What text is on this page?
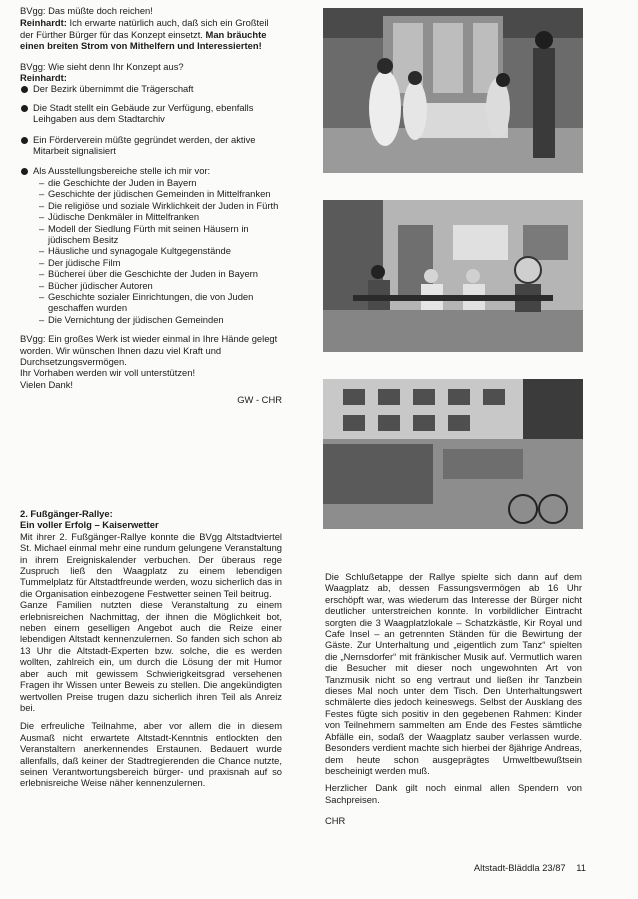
BVgg: Das müßte doch reichen!

Reinhardt: Ich erwarte natürlich auch, daß sich ein Großteil der Fürther Bürger für das Konzept einsetzt. Man bräuchte einen breiten Strom von Mithelfern und Interessierten!

BVgg: Wie sieht denn Ihr Konzept aus?

Reinhardt:

Der Bezirk übernimmt die Trägerschaft
Die Stadt stellt ein Gebäude zur Verfügung, ebenfalls Leihgaben aus dem Stadtarchiv
Ein Förderverein müßte gegründet werden, der aktive Mitarbeit signalisiert
Als Ausstellungsbereiche stelle ich mir vor:
– die Geschichte der Juden in Bayern
– Geschichte der jüdischen Gemeinden in Mittelfranken
– Die religiöse und soziale Wirklichkeit der Juden in Fürth
– Jüdische Denkmäler in Mittelfranken
– Modell der Siedlung Fürth mit seinen Häusern in jüdischem Besitz
– Häusliche und synagogale Kultgegenstände
– Der jüdische Film
– Büchereí über die Geschichte der Juden in Bayern
– Bücher jüdischer Autoren
– Geschichte sozialer Einrichtungen, die von Juden geschaffen wurden
– Die Vernichtung der jüdischen Gemeinden

BVgg: Ein großes Werk ist wieder einmal in Ihre Hände gelegt worden. Wir wünschen Ihnen dazu viel Kraft und Durchsetzungsvermögen.

Ihr Vorhaben werden wir voll unterstützen!

Vielen Dank!

GW - CHR

2. Fußgänger-Rallye:

Ein voller Erfolg – Kaiserwetter

Mit ihrer 2. Fußgänger-Rallye konnte die BVgg Altstadtviertel St. Michael einmal mehr eine rundum gelungene Veranstaltung in ihrem Ereigniskalender verbuchen. Der überaus rege Zuspruch ließ den Waagplatz zu einem lebendigen Tummelplatz für Altstadtfreunde werden, wozu sicherlich das in die Organisation einbezogene Festwetter seinen Teil beitrug.

Ganze Familien nutzten diese Veranstaltung zu einem erlebnisreichen Nachmittag, der ihnen die Möglichkeit bot, neben einem geselligen Angebot auch die Reize einer lebendigen Altstadt kennenzulernen. So fanden sich schon ab 13 Uhr die Altstadt-Experten bzw. solche, die es werden wollten, zahlreich ein, um durch die Lösung der mit Humor aber auch mit gewissem Schwierigkeitsgrad versehenen Fragen ihr Wissen unter Beweis zu stellen. Die angekündigten wertvollen Preise trugen dazu sicherlich ihren Teil als Anreiz bei.

Die erfreuliche Teilnahme, aber vor allem die in diesem Ausmaß nicht erwartete Altstadt-Kenntnis entlockten den Veranstaltern anerkennendes Erstaunen. Bedauert wurde allenfalls, daß keiner der Stadtregierenden die Chance nutzte, seinen Verantwortungsbereich bürger- und praxisnah auf so erlebnisreiche Weise näher kennenzulernen.

Die Schlußetappe der Rallye spielte sich dann auf dem Waagplatz ab, dessen Fassungsvermögen ab 16 Uhr erschöpft war, was wiederum das Interesse der Bürger nicht deutlicher unterstreichen konnte. In vorbildlicher Eintracht sorgten die 3 Waagplatzlokale – Schatzkästle, Kir Royal und Cafe Insel – an getrennten Ständen für die Bewirtung der Gäste. Zur Unterhaltung und „eigentlich zum Tanz“ spielten die „Nernsdorfer“ mit fränkischer Musik auf. Vermutlich waren die Besucher mit dieser noch ungewohnten Art von Tanzmusik nicht so eng vertraut und ließen ihr Tanzbein dieses Mal noch unter dem Tisch. Den Unterhaltungswert schmälerte dies jedoch keineswegs. Selbst der Ausklang des Festes fügte sich positiv in den gegebenen Rahmen: Kinder von Teilnehmern sammelten am Ende des Festes sämtliche Abfälle ein, sodaß der Waagplatz sauber verlassen wurde. Besonders verdient machte sich hierbei der 8jährige Andreas, dem heute schon ausgeprägtes Umweltbewußtsein bescheinigt werden muß.

Herzlicher Dank gilt noch einmal allen Spendern von Sachpreisen.

CHR

Altstadt-Bläddla 23/87 11
